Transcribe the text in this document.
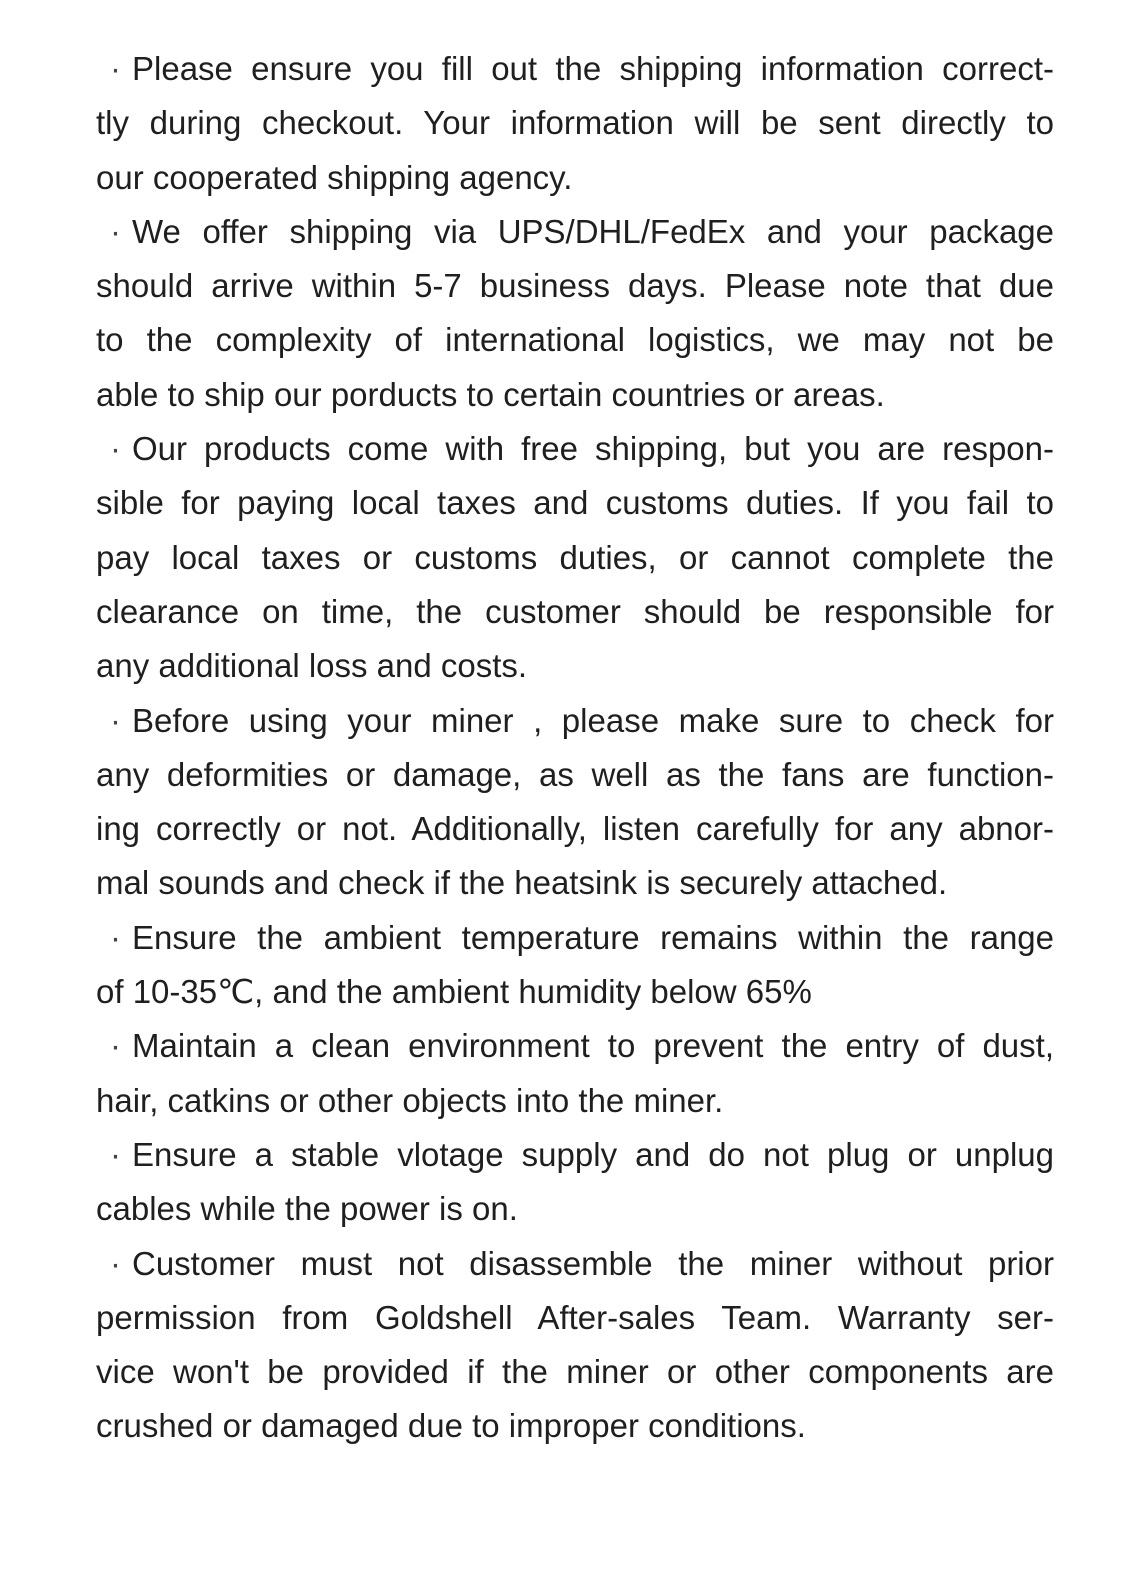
· Please ensure you fill out the shipping information correct-
tly during checkout. Your information will be sent directly to
our cooperated shipping agency.
· We offer shipping via UPS/DHL/FedEx and your package
should arrive within 5-7 business days. Please note that due
to the complexity of international logistics, we may not be
able to ship our porducts to certain countries or areas.
· Our products come with free shipping, but you are respon-
sible for paying local taxes and customs duties. If you fail to
pay local taxes or customs duties, or cannot complete the
clearance on time, the customer should be responsible for
any additional loss and costs.
· Before using your miner , please make sure to check for
any deformities or damage, as well as the fans are function-
ing correctly or not. Additionally, listen carefully for any abnor-
mal sounds and check if the heatsink is securely attached.
· Ensure the ambient temperature remains within the range
of 10-35℃, and the ambient humidity below 65%
· Maintain a clean environment to prevent the entry of dust,
hair, catkins or other objects into the miner.
· Ensure a stable vlotage supply and do not plug or unplug
cables while the power is on.
· Customer must not disassemble the miner without prior
permission from Goldshell After-sales Team. Warranty ser-
vice won't be provided if the miner or other components are
crushed or damaged due to improper conditions.
